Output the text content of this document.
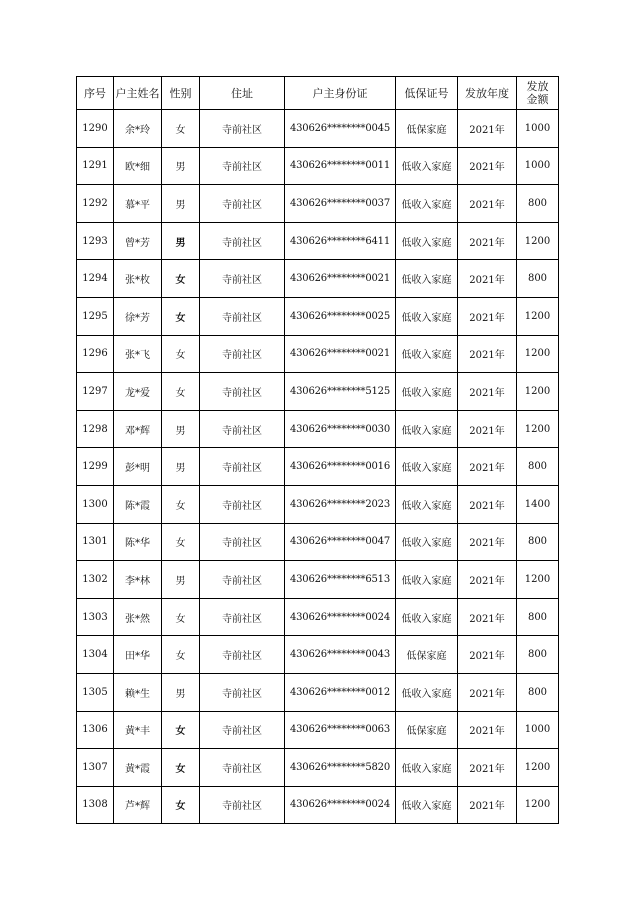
序号	户主姓名	性别	住址	户主身份证	低保证号	发放年度	发放
金额
1290	余*玲	女	寺前社区	430626********0045	低保家庭	2021年	1000
1291	欧*细	男	寺前社区	430626********0011	低收入家庭	2021年	1000
1292	慕*平	男	寺前社区	430626********0037	低收入家庭	2021年	800
1293	曾*芳	男	寺前社区	430626********6411	低收入家庭	2021年	1200
1294	张*枚	女	寺前社区	430626********0021	低收入家庭	2021年	800
1295	徐*芳	女	寺前社区	430626********0025	低收入家庭	2021年	1200
1296	张*飞	女	寺前社区	430626********0021	低收入家庭	2021年	1200
1297	龙*爱	女	寺前社区	430626********5125	低收入家庭	2021年	1200
1298	邓*辉	男	寺前社区	430626********0030	低收入家庭	2021年	1200
1299	彭*明	男	寺前社区	430626********0016	低收入家庭	2021年	800
1300	陈*霞	女	寺前社区	430626********2023	低收入家庭	2021年	1400
1301	陈*华	女	寺前社区	430626********0047	低收入家庭	2021年	800
1302	李*林	男	寺前社区	430626********6513	低收入家庭	2021年	1200
1303	张*然	女	寺前社区	430626********0024	低收入家庭	2021年	800
1304	田*华	女	寺前社区	430626********0043	低保家庭	2021年	800
1305	赖*生	男	寺前社区	430626********0012	低收入家庭	2021年	800
1306	黄*丰	女	寺前社区	430626********0063	低保家庭	2021年	1000
1307	黄*霞	女	寺前社区	430626********5820	低收入家庭	2021年	1200
1308	芦*辉	女	寺前社区	430626********0024	低收入家庭	2021年	1200
